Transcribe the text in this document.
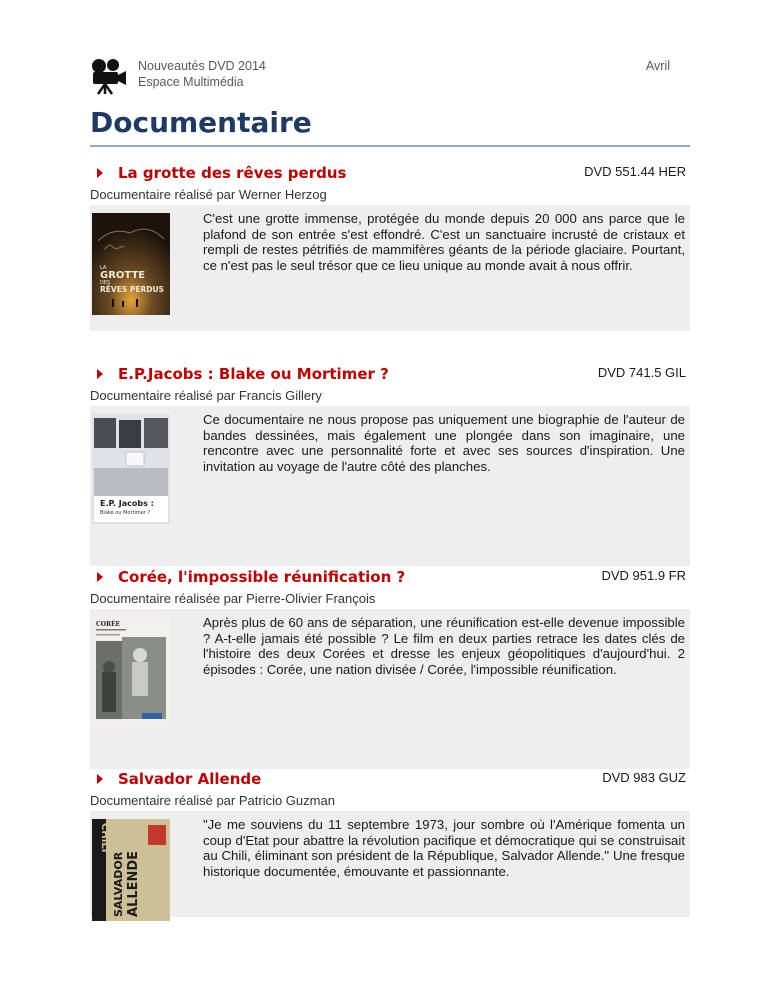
Nouveautés DVD 2014
Espace Multimédia
Avril
Documentaire
La grotte des rêves perdus	DVD 551.44 HER
Documentaire réalisé par Werner Herzog
LA
GROTTE
DES
RÊVES PERDUS

C'est une grotte immense, protégée du monde depuis 20 000 ans parce que le plafond de son entrée s'est effondré. C'est un sanctuaire incrusté de cristaux et rempli de restes pétrifiés de mammifères géants de la période glaciaire. Pourtant, ce n'est pas le seul trésor que ce lieu unique au monde avait à nous offrir.

E.P.Jacobs : Blake ou Mortimer ?	DVD 741.5 GIL
Documentaire réalisé par Francis Gillery
E.P. Jacobs :
Blake ou Mortimer ?

Ce documentaire ne nous propose pas uniquement une biographie de l'auteur de bandes dessinées, mais également une plongée dans son imaginaire, une rencontre avec une personnalité forte et avec ses sources d'inspiration. Une invitation au voyage de l'autre côté des planches.

Corée, l'impossible réunification ?	DVD 951.9 FR
Documentaire réalisée par Pierre-Olivier François
CORÉE	Après plus de 60 ans de séparation, une réunification est-elle devenue impossible ? A-t-elle jamais été possible ? Le film en deux parties retrace les dates clés de l'histoire des deux Corées et dresse les enjeux géopolitiques d'aujourd'hui. 2 épisodes : Corée, une nation divisée / Corée, l'impossible réunification.

Salvador Allende	DVD 983 GUZ
Documentaire réalisé par Patricio Guzman
CHILI
SALVADOR ALLENDE

"Je me souviens du 11 septembre 1973, jour sombre où l'Amérique fomenta un coup d'Etat pour abattre la révolution pacifique et démocratique qui se construisait au Chili, éliminant son président de la République, Salvador Allende." Une fresque historique documentée, émouvante et passionnante.
